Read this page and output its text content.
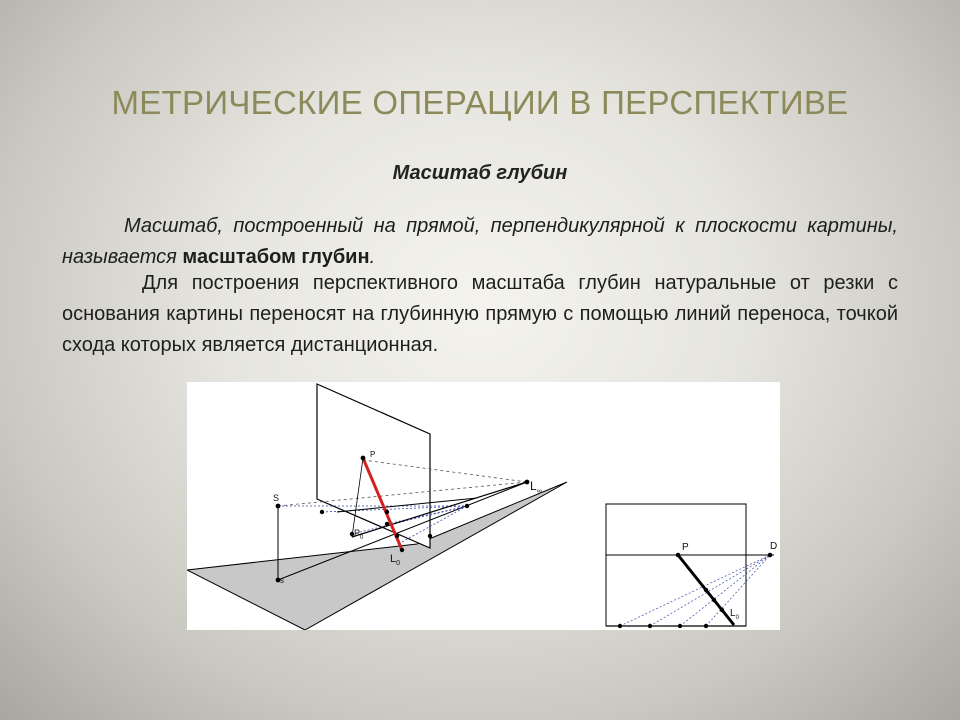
МЕТРИЧЕСКИЕ ОПЕРАЦИИ В ПЕРСПЕКТИВЕ
Масштаб глубин
Масштаб, построенный на прямой, перпендикулярной к плоскости картины, называется масштабом глубин.
Для построения перспективного масштаба глубин натуральные от резки с основания картины переносят на глубинную прямую с помощью линий переноса, точкой схода которых является дистанционная.
S
s
P
$P_0$
$L_0$
$L_\infty$
P	D
$L_0$
